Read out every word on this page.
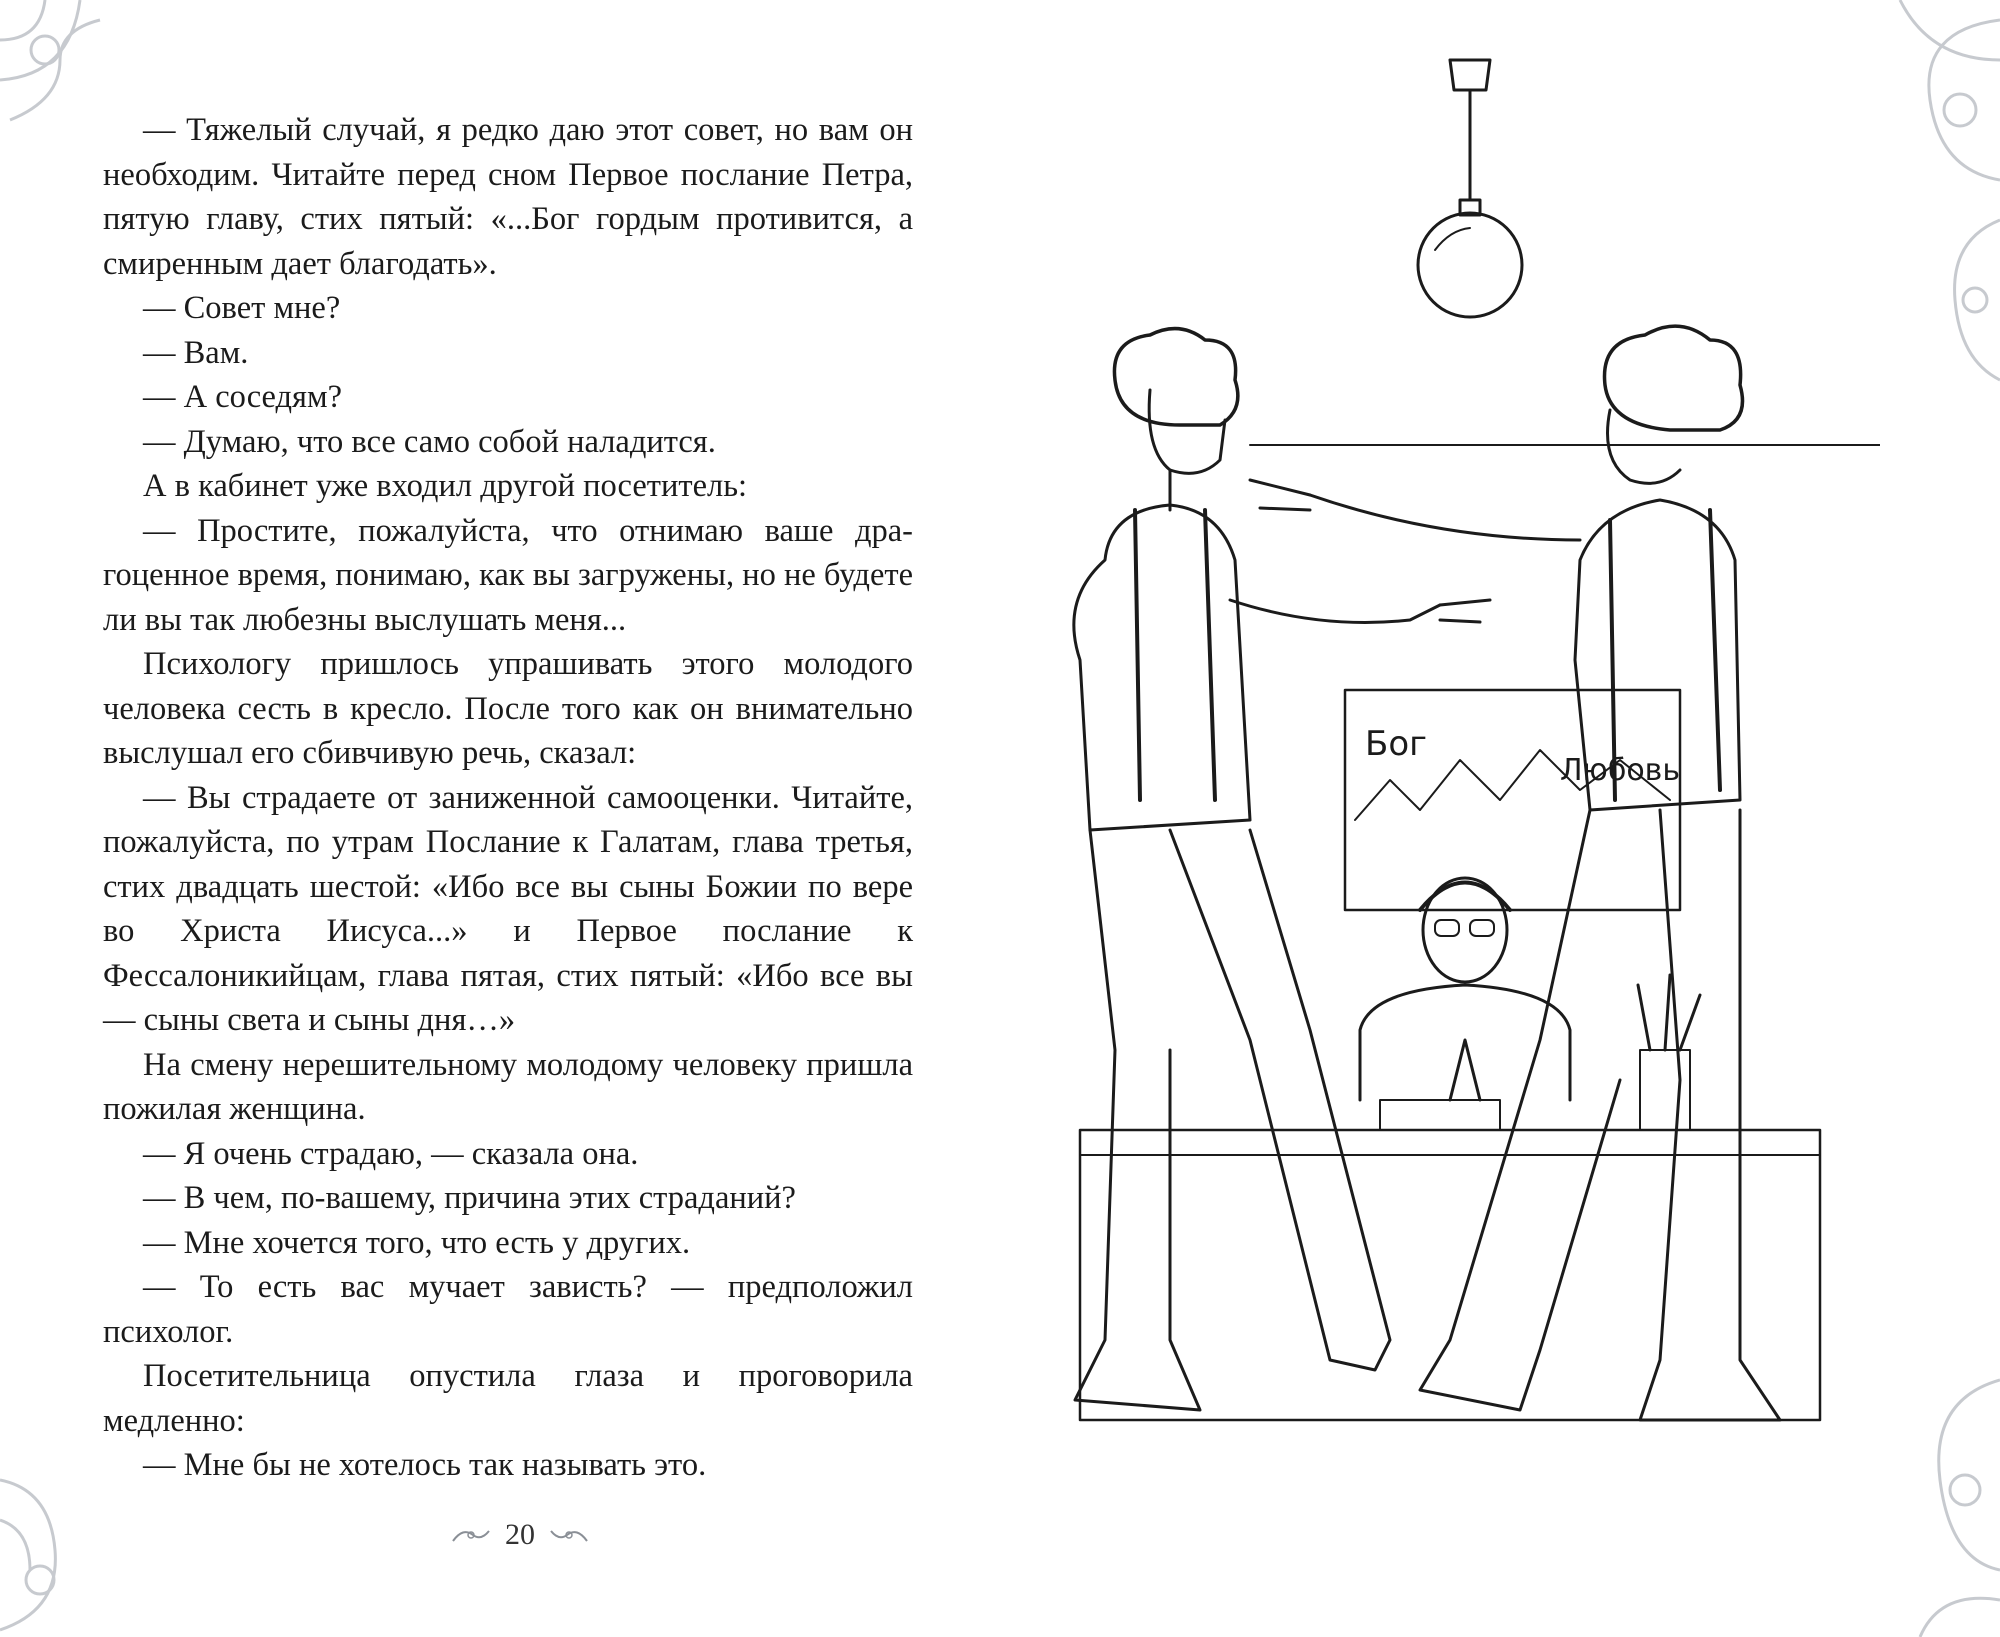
— Тяжелый случай, я редко даю этот совет, но вам он необходим. Читайте перед сном Первое послание Петра, пятую главу, стих пятый: «...Бог гордым противится, а смиренным дает благодать».

— Совет мне?

— Вам.

— А соседям?

— Думаю, что все само собой наладится.

А в кабинет уже входил другой посетитель:

— Простите, пожалуйста, что отнимаю ваше драгоценное время, понимаю, как вы загружены, но не будете ли вы так любезны выслушать меня...

Психологу пришлось упрашивать этого молодого человека сесть в кресло. После того как он внимательно выслушал его сбивчивую речь, сказал:

— Вы страдаете от заниженной самооценки. Читайте, пожалуйста, по утрам Послание к Галатам, глава третья, стих двадцать шестой: «Ибо все вы сыны Божии по вере во Христа Иисуса...» и Первое послание к Фессалоникийцам, глава пятая, стих пятый: «Ибо все вы — сыны света и сыны дня…»

На смену нерешительному молодому человеку пришла пожилая женщина.

— Я очень страдаю, — сказала она.

— В чем, по-вашему, причина этих страданий?

— Мне хочется того, что есть у других.

— То есть вас мучает зависть? — предположил психолог.

Посетительница опустила глаза и проговорила медленно:

— Мне бы не хотелось так называть это.

20
Бог
Любовь
